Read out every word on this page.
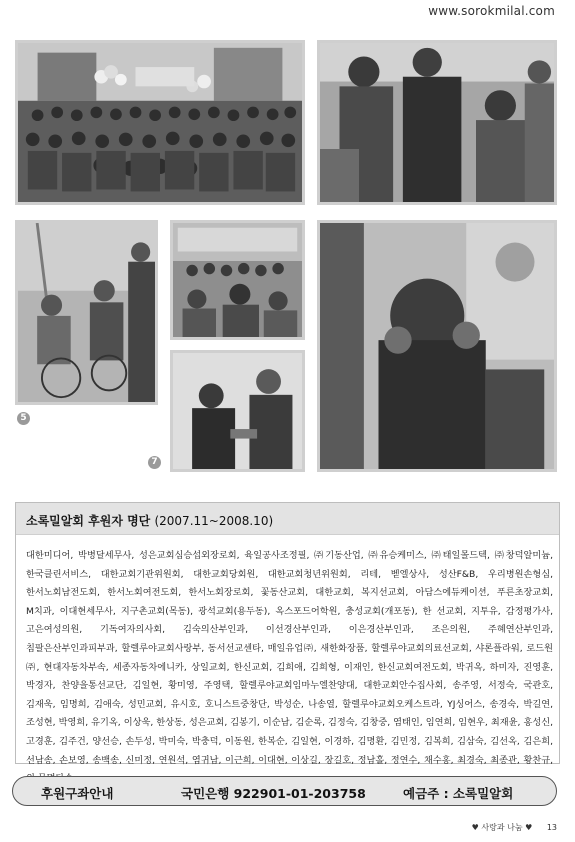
www.sorokmilal.com
5
7
소록밀알회 후원자 명단 (2007.11~2008.10)
대한미디어, 박병달세무사, 성은교회심승섭외장로회, 육일공사조정필, ㈜기동산업, ㈜유승케미스, ㈜태일몰드텍, ㈜창덕알미늄, 한국클린서비스, 대한교회기관위원회, 대한교회당회원, 대한교회청년위원회, 리테, 벧엘상사, 성산F&B, 우리병원손형심, 한서노회남전도회, 한서노회여전도회, 한서노회장로회, 꽃동산교회, 대한교회, 복지선교회, 아담스에듀케이션, 푸른초장교회, M치과, 이대현세무사, 지구촌교회(목동), 광석교회(용두동), 옥스포드어학원, 충성교회(개포동), 한 선교회, 지투유, 감정평가사, 고은여성의원, 기독여자의사회, 김숙의산부인과, 이선경산부인과, 이은경산부인과, 조은의원, 주혜연산부인과, 침팔은산부인과피부과, 할렐루야교회사랑부, 동서선교센타, 매일유업㈜, 새한화장품, 할렐루야교회의료선교회, 샤론플라워, 로드원㈜, 현대자동차부속, 세종자동차에니카, 상일교회, 한신교회, 김희애, 김희형, 이재인, 한신교회여전도회, 박귀옥, 하미자, 진영훈, 박경자, 찬양을통선교단, 김일현, 황미영, 주영택, 할렐루야교회임마누엘찬양대, 대한교회안수집사회, 송주영, 서정숙, 국관호, 김재욱, 임명희, 김애숙, 성민교회, 유시호, 호니스트중창단, 박성순, 나송열, 할렐루야교회오케스트라, YJ싱어스, 송경숙, 박길연, 조성현, 박영희, 유기옥, 이상욱, 한상동, 성은교회, 김봉기, 이순남, 김순록, 김정숙, 김창중, 염태인, 임연희, 임현우, 최재윤, 홍성신, 고경훈, 김주건, 양선승, 손두성, 박미숙, 박충덕, 이동원, 한복순, 김일현, 이경하, 김명환, 김민정, 김복희, 김삼숙, 김선옥, 김은희, 선남송, 손보영, 송백송, 신미정, 연원석, 염귀남, 이근희, 이대현, 이상길, 장길호, 정남홀, 정연수, 채수홍, 최경숙, 최종관, 황찬규,
후원구좌안내	국민은행 922901-01-203758	예금주 : 소록밀알회
♥ 사랑과 나눔 ♥ 13
